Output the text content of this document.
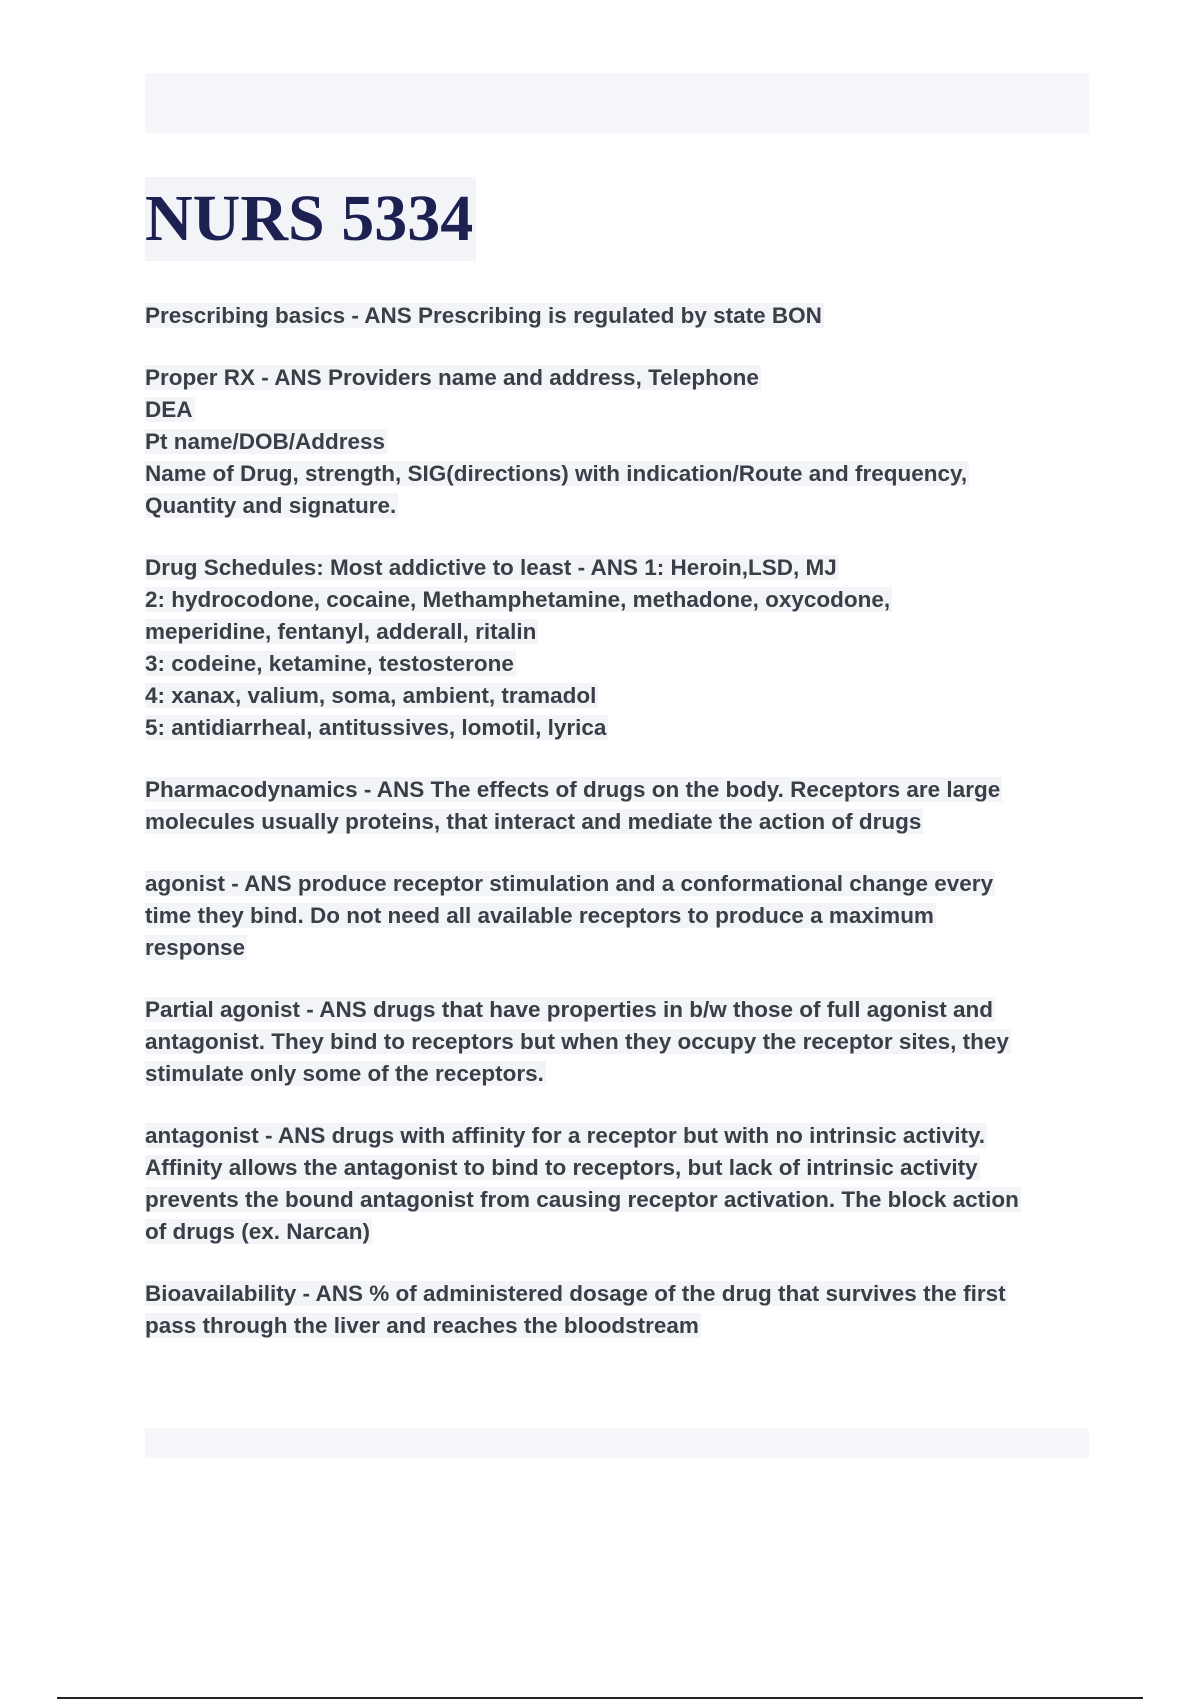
NURS 5334
Prescribing basics - ANS Prescribing is regulated by state BON
Proper RX - ANS Providers name and address, Telephone
DEA
Pt name/DOB/Address
Name of Drug, strength, SIG(directions) with indication/Route and frequency,
Quantity and signature.
Drug Schedules: Most addictive to least - ANS 1: Heroin,LSD, MJ
2: hydrocodone, cocaine, Methamphetamine, methadone, oxycodone,
meperidine, fentanyl, adderall, ritalin
3: codeine, ketamine, testosterone
4: xanax, valium, soma, ambient, tramadol
5: antidiarrheal, antitussives, lomotil, lyrica
Pharmacodynamics - ANS The effects of drugs on the body. Receptors are large
molecules usually proteins, that interact and mediate the action of drugs
agonist - ANS produce receptor stimulation and a conformational change every
time they bind. Do not need all available receptors to produce a maximum
response
Partial agonist - ANS drugs that have properties in b/w those of full agonist and
antagonist. They bind to receptors but when they occupy the receptor sites, they
stimulate only some of the receptors.
antagonist - ANS drugs with affinity for a receptor but with no intrinsic activity.
Affinity allows the antagonist to bind to receptors, but lack of intrinsic activity
prevents the bound antagonist from causing receptor activation. The block action
of drugs (ex. Narcan)
Bioavailability - ANS % of administered dosage of the drug that survives the first
pass through the liver and reaches the bloodstream
